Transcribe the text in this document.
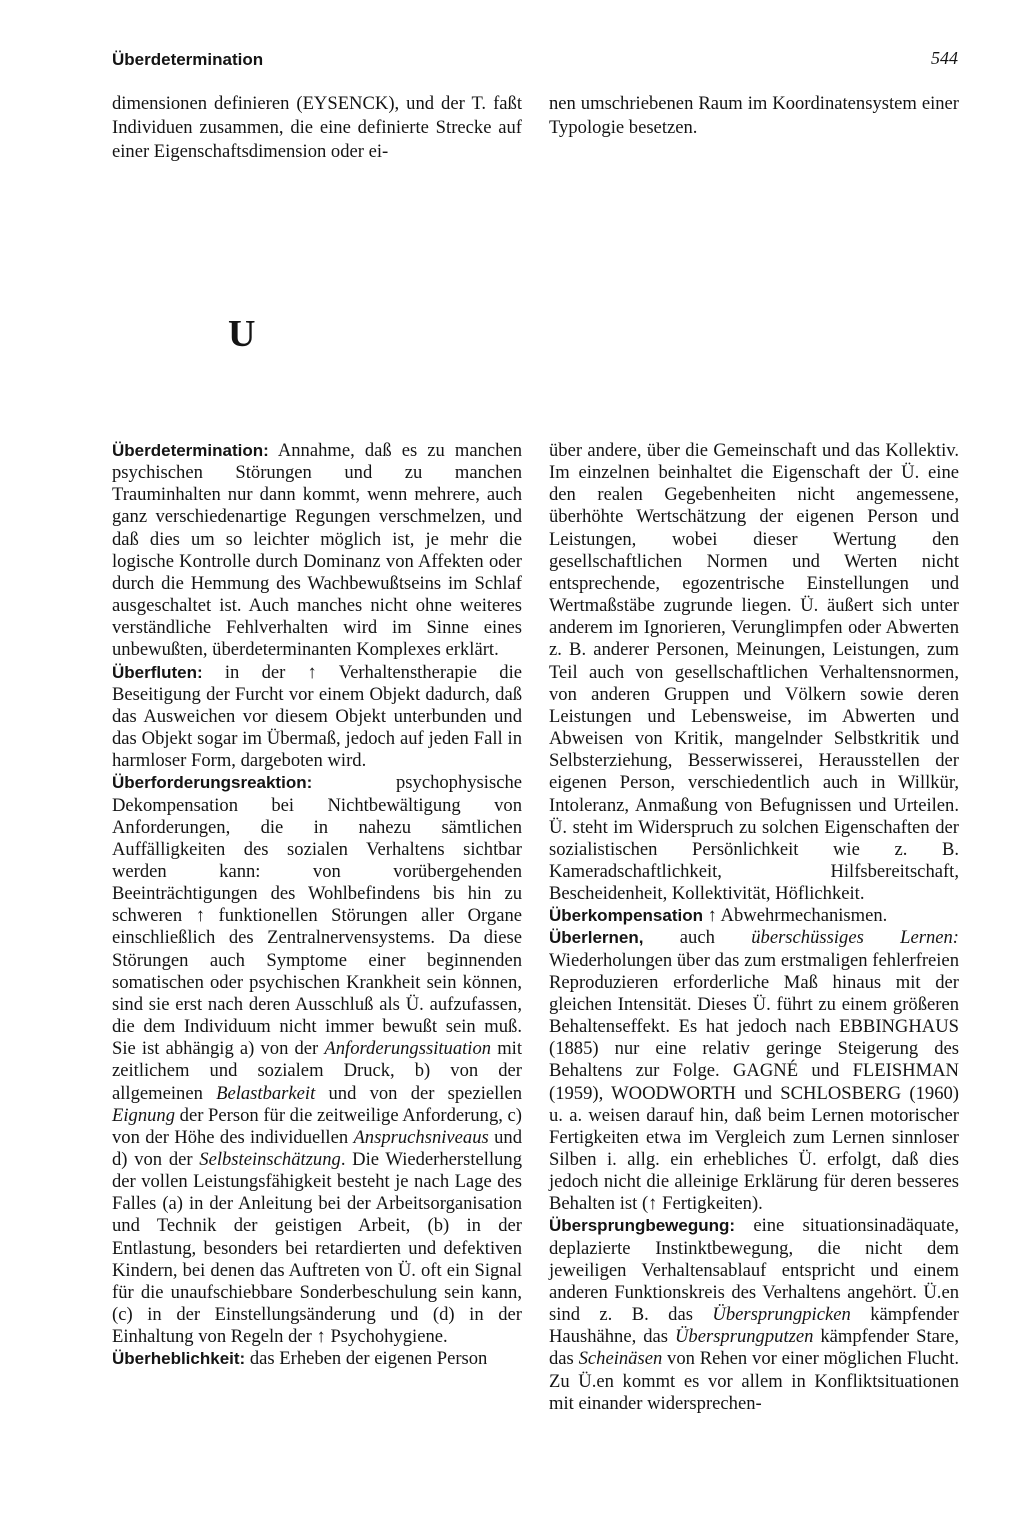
Überdetermination	544
dimensionen definieren (EYSENCK), und der T. faßt Individuen zusammen, die eine definierte Strecke auf einer Eigenschaftsdimension oder ei-
nen umschriebenen Raum im Koordinatensystem einer Typologie besetzen.
U

Überdetermination: Annahme, daß es zu manchen psychischen Störungen und zu manchen Trauminhalten nur dann kommt, wenn mehrere, auch ganz verschiedenartige Regungen verschmelzen, und daß dies um so leichter möglich ist, je mehr die logische Kontrolle durch Dominanz von Affekten oder durch die Hemmung des Wachbewußtseins im Schlaf ausgeschaltet ist. Auch manches nicht ohne weiteres verständliche Fehlverhalten wird im Sinne eines unbewußten, überdeterminanten Komplexes erklärt.

Überfluten: in der ↑ Verhaltenstherapie die Beseitigung der Furcht vor einem Objekt dadurch, daß das Ausweichen vor diesem Objekt unterbunden und das Objekt sogar im Übermaß, jedoch auf jeden Fall in harmloser Form, dargeboten wird.

Überforderungsreaktion: psychophysische Dekompensation bei Nichtbewältigung von Anforderungen, die in nahezu sämtlichen Auffälligkeiten des sozialen Verhaltens sichtbar werden kann: von vorübergehenden Beeinträchtigungen des Wohlbefindens bis hin zu schweren ↑ funktionellen Störungen aller Organe einschließlich des Zentralnervensystems. Da diese Störungen auch Symptome einer beginnenden somatischen oder psychischen Krankheit sein können, sind sie erst nach deren Ausschluß als Ü. aufzufassen, die dem Individuum nicht immer bewußt sein muß. Sie ist abhängig a) von der Anforderungssituation mit zeitlichem und sozialem Druck, b) von der allgemeinen Belastbarkeit und von der speziellen Eignung der Person für die zeitweilige Anforderung, c) von der Höhe des individuellen Anspruchsniveaus und d) von der Selbsteinschätzung. Die Wiederherstellung der vollen Leistungsfähigkeit besteht je nach Lage des Falles (a) in der Anleitung bei der Arbeitsorganisation und Technik der geistigen Arbeit, (b) in der Entlastung, besonders bei retardierten und defektiven Kindern, bei denen das Auftreten von Ü. oft ein Signal für die unaufschiebbare Sonderbeschulung sein kann, (c) in der Einstellungsänderung und (d) in der Einhaltung von Regeln der ↑ Psychohygiene.

Überheblichkeit: das Erheben der eigenen Person

über andere, über die Gemeinschaft und das Kollektiv. Im einzelnen beinhaltet die Eigenschaft der Ü. eine den realen Gegebenheiten nicht angemessene, überhöhte Wertschätzung der eigenen Person und Leistungen, wobei dieser Wertung den gesellschaftlichen Normen und Werten nicht entsprechende, egozentrische Einstellungen und Wertmaßstäbe zugrunde liegen. Ü. äußert sich unter anderem im Ignorieren, Verunglimpfen oder Abwerten z. B. anderer Personen, Meinungen, Leistungen, zum Teil auch von gesellschaftlichen Verhaltensnormen, von anderen Gruppen und Völkern sowie deren Leistungen und Lebensweise, im Abwerten und Abweisen von Kritik, mangelnder Selbstkritik und Selbsterziehung, Besserwisserei, Herausstellen der eigenen Person, verschiedentlich auch in Willkür, Intoleranz, Anmaßung von Befugnissen und Urteilen. Ü. steht im Widerspruch zu solchen Eigenschaften der sozialistischen Persönlichkeit wie z. B. Kameradschaftlichkeit, Hilfsbereitschaft, Bescheidenheit, Kollektivität, Höflichkeit.

Überkompensation ↑ Abwehrmechanismen.

Überlernen, auch überschüssiges Lernen: Wiederholungen über das zum erstmaligen fehlerfreien Reproduzieren erforderliche Maß hinaus mit der gleichen Intensität. Dieses Ü. führt zu einem größeren Behaltenseffekt. Es hat jedoch nach EBBINGHAUS (1885) nur eine relativ geringe Steigerung des Behaltens zur Folge. GAGNÉ und FLEISHMAN (1959), WOODWORTH und SCHLOSBERG (1960) u. a. weisen darauf hin, daß beim Lernen motorischer Fertigkeiten etwa im Vergleich zum Lernen sinnloser Silben i. allg. ein erhebliches Ü. erfolgt, daß dies jedoch nicht die alleinige Erklärung für deren besseres Behalten ist (↑ Fertigkeiten).

Übersprungbewegung: eine situationsinadäquate, deplazierte Instinktbewegung, die nicht dem jeweiligen Verhaltensablauf entspricht und einem anderen Funktionskreis des Verhaltens angehört. Ü.en sind z. B. das Übersprungpicken kämpfender Haushähne, das Übersprungputzen kämpfender Stare, das Scheinäsen von Rehen vor einer möglichen Flucht. Zu Ü.en kommt es vor allem in Konfliktsituationen mit einander widersprechen-
